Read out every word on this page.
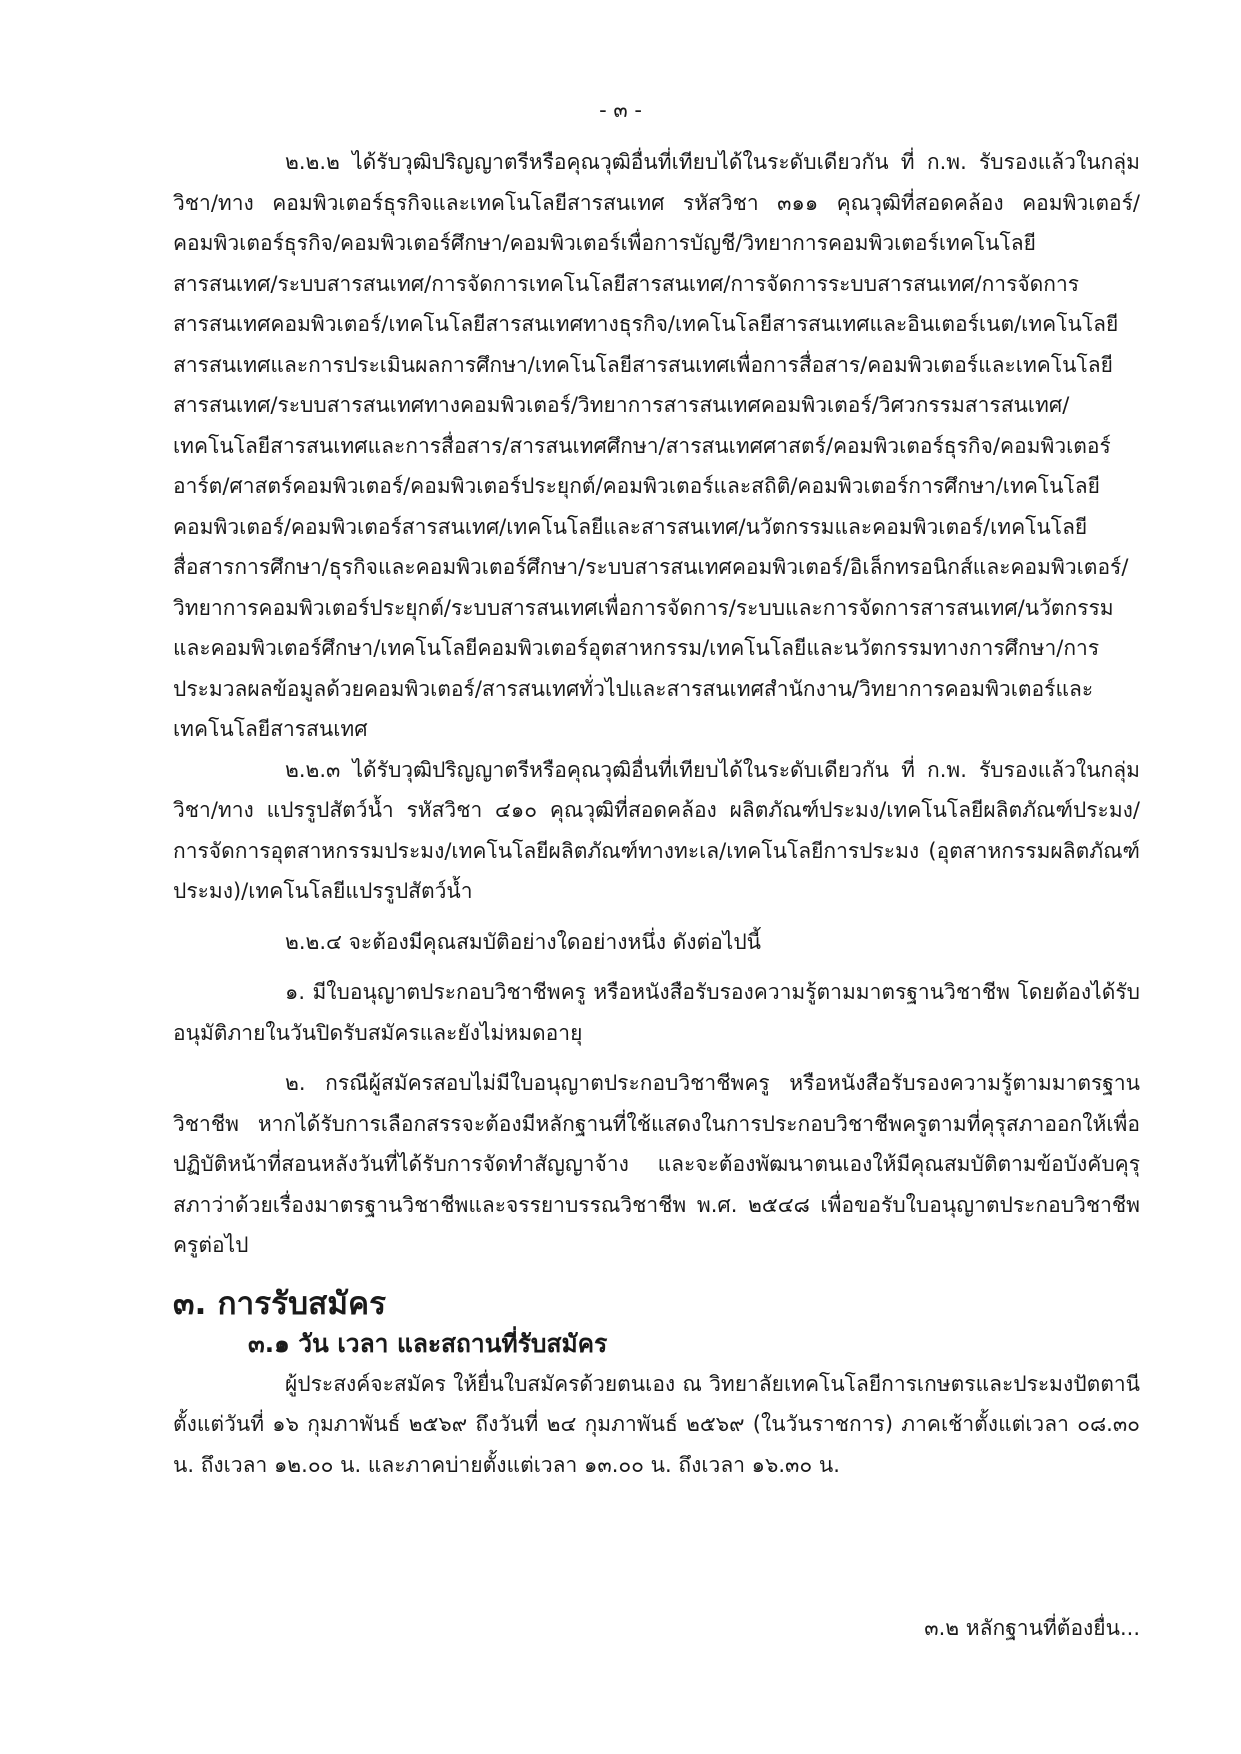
- ๓ -

๒.๒.๒ ได้รับวุฒิปริญญาตรีหรือคุณวุฒิอื่นที่เทียบได้ในระดับเดียวกัน ที่ ก.พ. รับรองแล้วในกลุ่มวิชา/ทาง คอมพิวเตอร์ธุรกิจและเทคโนโลยีสารสนเทศ รหัสวิชา ๓๑๑ คุณวุฒิที่สอดคล้อง คอมพิวเตอร์/คอมพิวเตอร์ธุรกิจ/คอมพิวเตอร์ศึกษา/คอมพิวเตอร์เพื่อการบัญชี/วิทยาการคอมพิวเตอร์เทคโนโลยีสารสนเทศ/ระบบสารสนเทศ/การจัดการเทคโนโลยีสารสนเทศ/การจัดการระบบสารสนเทศ/การจัดการสารสนเทศคอมพิวเตอร์/เทคโนโลยีสารสนเทศทางธุรกิจ/เทคโนโลยีสารสนเทศและอินเตอร์เนต/เทคโนโลยีสารสนเทศและการประเมินผลการศึกษา/เทคโนโลยีสารสนเทศเพื่อการสื่อสาร/คอมพิวเตอร์และเทคโนโลยีสารสนเทศ/ระบบสารสนเทศทางคอมพิวเตอร์/วิทยาการสารสนเทศคอมพิวเตอร์/วิศวกรรมสารสนเทศ/เทคโนโลยีสารสนเทศและการสื่อสาร/สารสนเทศศึกษา/สารสนเทศศาสตร์/คอมพิวเตอร์ธุรกิจ/คอมพิวเตอร์อาร์ต/ศาสตร์คอมพิวเตอร์/คอมพิวเตอร์ประยุกต์/คอมพิวเตอร์และสถิติ/คอมพิวเตอร์การศึกษา/เทคโนโลยีคอมพิวเตอร์/คอมพิวเตอร์สารสนเทศ/เทคโนโลยีและสารสนเทศ/นวัตกรรมและคอมพิวเตอร์/เทคโนโลยีสื่อสารการศึกษา/ธุรกิจและคอมพิวเตอร์ศึกษา/ระบบสารสนเทศคอมพิวเตอร์/อิเล็กทรอนิกส์และคอมพิวเตอร์/วิทยาการคอมพิวเตอร์ประยุกต์/ระบบสารสนเทศเพื่อการจัดการ/ระบบและการจัดการสารสนเทศ/นวัตกรรมและคอมพิวเตอร์ศึกษา/เทคโนโลยีคอมพิวเตอร์อุตสาหกรรม/เทคโนโลยีและนวัตกรรมทางการศึกษา/การประมวลผลข้อมูลด้วยคอมพิวเตอร์/สารสนเทศทั่วไปและสารสนเทศสำนักงาน/วิทยาการคอมพิวเตอร์และเทคโนโลยีสารสนเทศ

๒.๒.๓ ได้รับวุฒิปริญญาตรีหรือคุณวุฒิอื่นที่เทียบได้ในระดับเดียวกัน ที่ ก.พ. รับรองแล้วในกลุ่มวิชา/ทาง แปรรูปสัตว์น้ำ รหัสวิชา ๔๑๐ คุณวุฒิที่สอดคล้อง ผลิตภัณฑ์ประมง/เทคโนโลยีผลิตภัณฑ์ประมง/การจัดการอุตสาหกรรมประมง/เทคโนโลยีผลิตภัณฑ์ทางทะเล/เทคโนโลยีการประมง (อุตสาหกรรมผลิตภัณฑ์ประมง)/เทคโนโลยีแปรรูปสัตว์น้ำ

๒.๒.๔ จะต้องมีคุณสมบัติอย่างใดอย่างหนึ่ง ดังต่อไปนี้

๑. มีใบอนุญาตประกอบวิชาชีพครู หรือหนังสือรับรองความรู้ตามมาตรฐานวิชาชีพ โดยต้องได้รับอนุมัติภายในวันปิดรับสมัครและยังไม่หมดอายุ

๒. กรณีผู้สมัครสอบไม่มีใบอนุญาตประกอบวิชาชีพครู หรือหนังสือรับรองความรู้ตามมาตรฐานวิชาชีพ หากได้รับการเลือกสรรจะต้องมีหลักฐานที่ใช้แสดงในการประกอบวิชาชีพครูตามที่คุรุสภาออกให้เพื่อปฏิบัติหน้าที่สอนหลังวันที่ได้รับการจัดทำสัญญาจ้าง และจะต้องพัฒนาตนเองให้มีคุณสมบัติตามข้อบังคับคุรุสภาว่าด้วยเรื่องมาตรฐานวิชาชีพและจรรยาบรรณวิชาชีพ พ.ศ. ๒๕๔๘ เพื่อขอรับใบอนุญาตประกอบวิชาชีพครูต่อไป

๓. การรับสมัคร
๓.๑ วัน เวลา และสถานที่รับสมัคร

ผู้ประสงค์จะสมัคร ให้ยื่นใบสมัครด้วยตนเอง ณ วิทยาลัยเทคโนโลยีการเกษตรและประมงปัตตานี ตั้งแต่วันที่ ๑๖ กุมภาพันธ์ ๒๕๖๙ ถึงวันที่ ๒๔ กุมภาพันธ์ ๒๕๖๙ (ในวันราชการ) ภาคเช้าตั้งแต่เวลา ๐๘.๓๐ น. ถึงเวลา ๑๒.๐๐ น. และภาคบ่ายตั้งแต่เวลา ๑๓.๐๐ น. ถึงเวลา ๑๖.๓๐ น.

๓.๒ หลักฐานที่ต้องยื่น...
